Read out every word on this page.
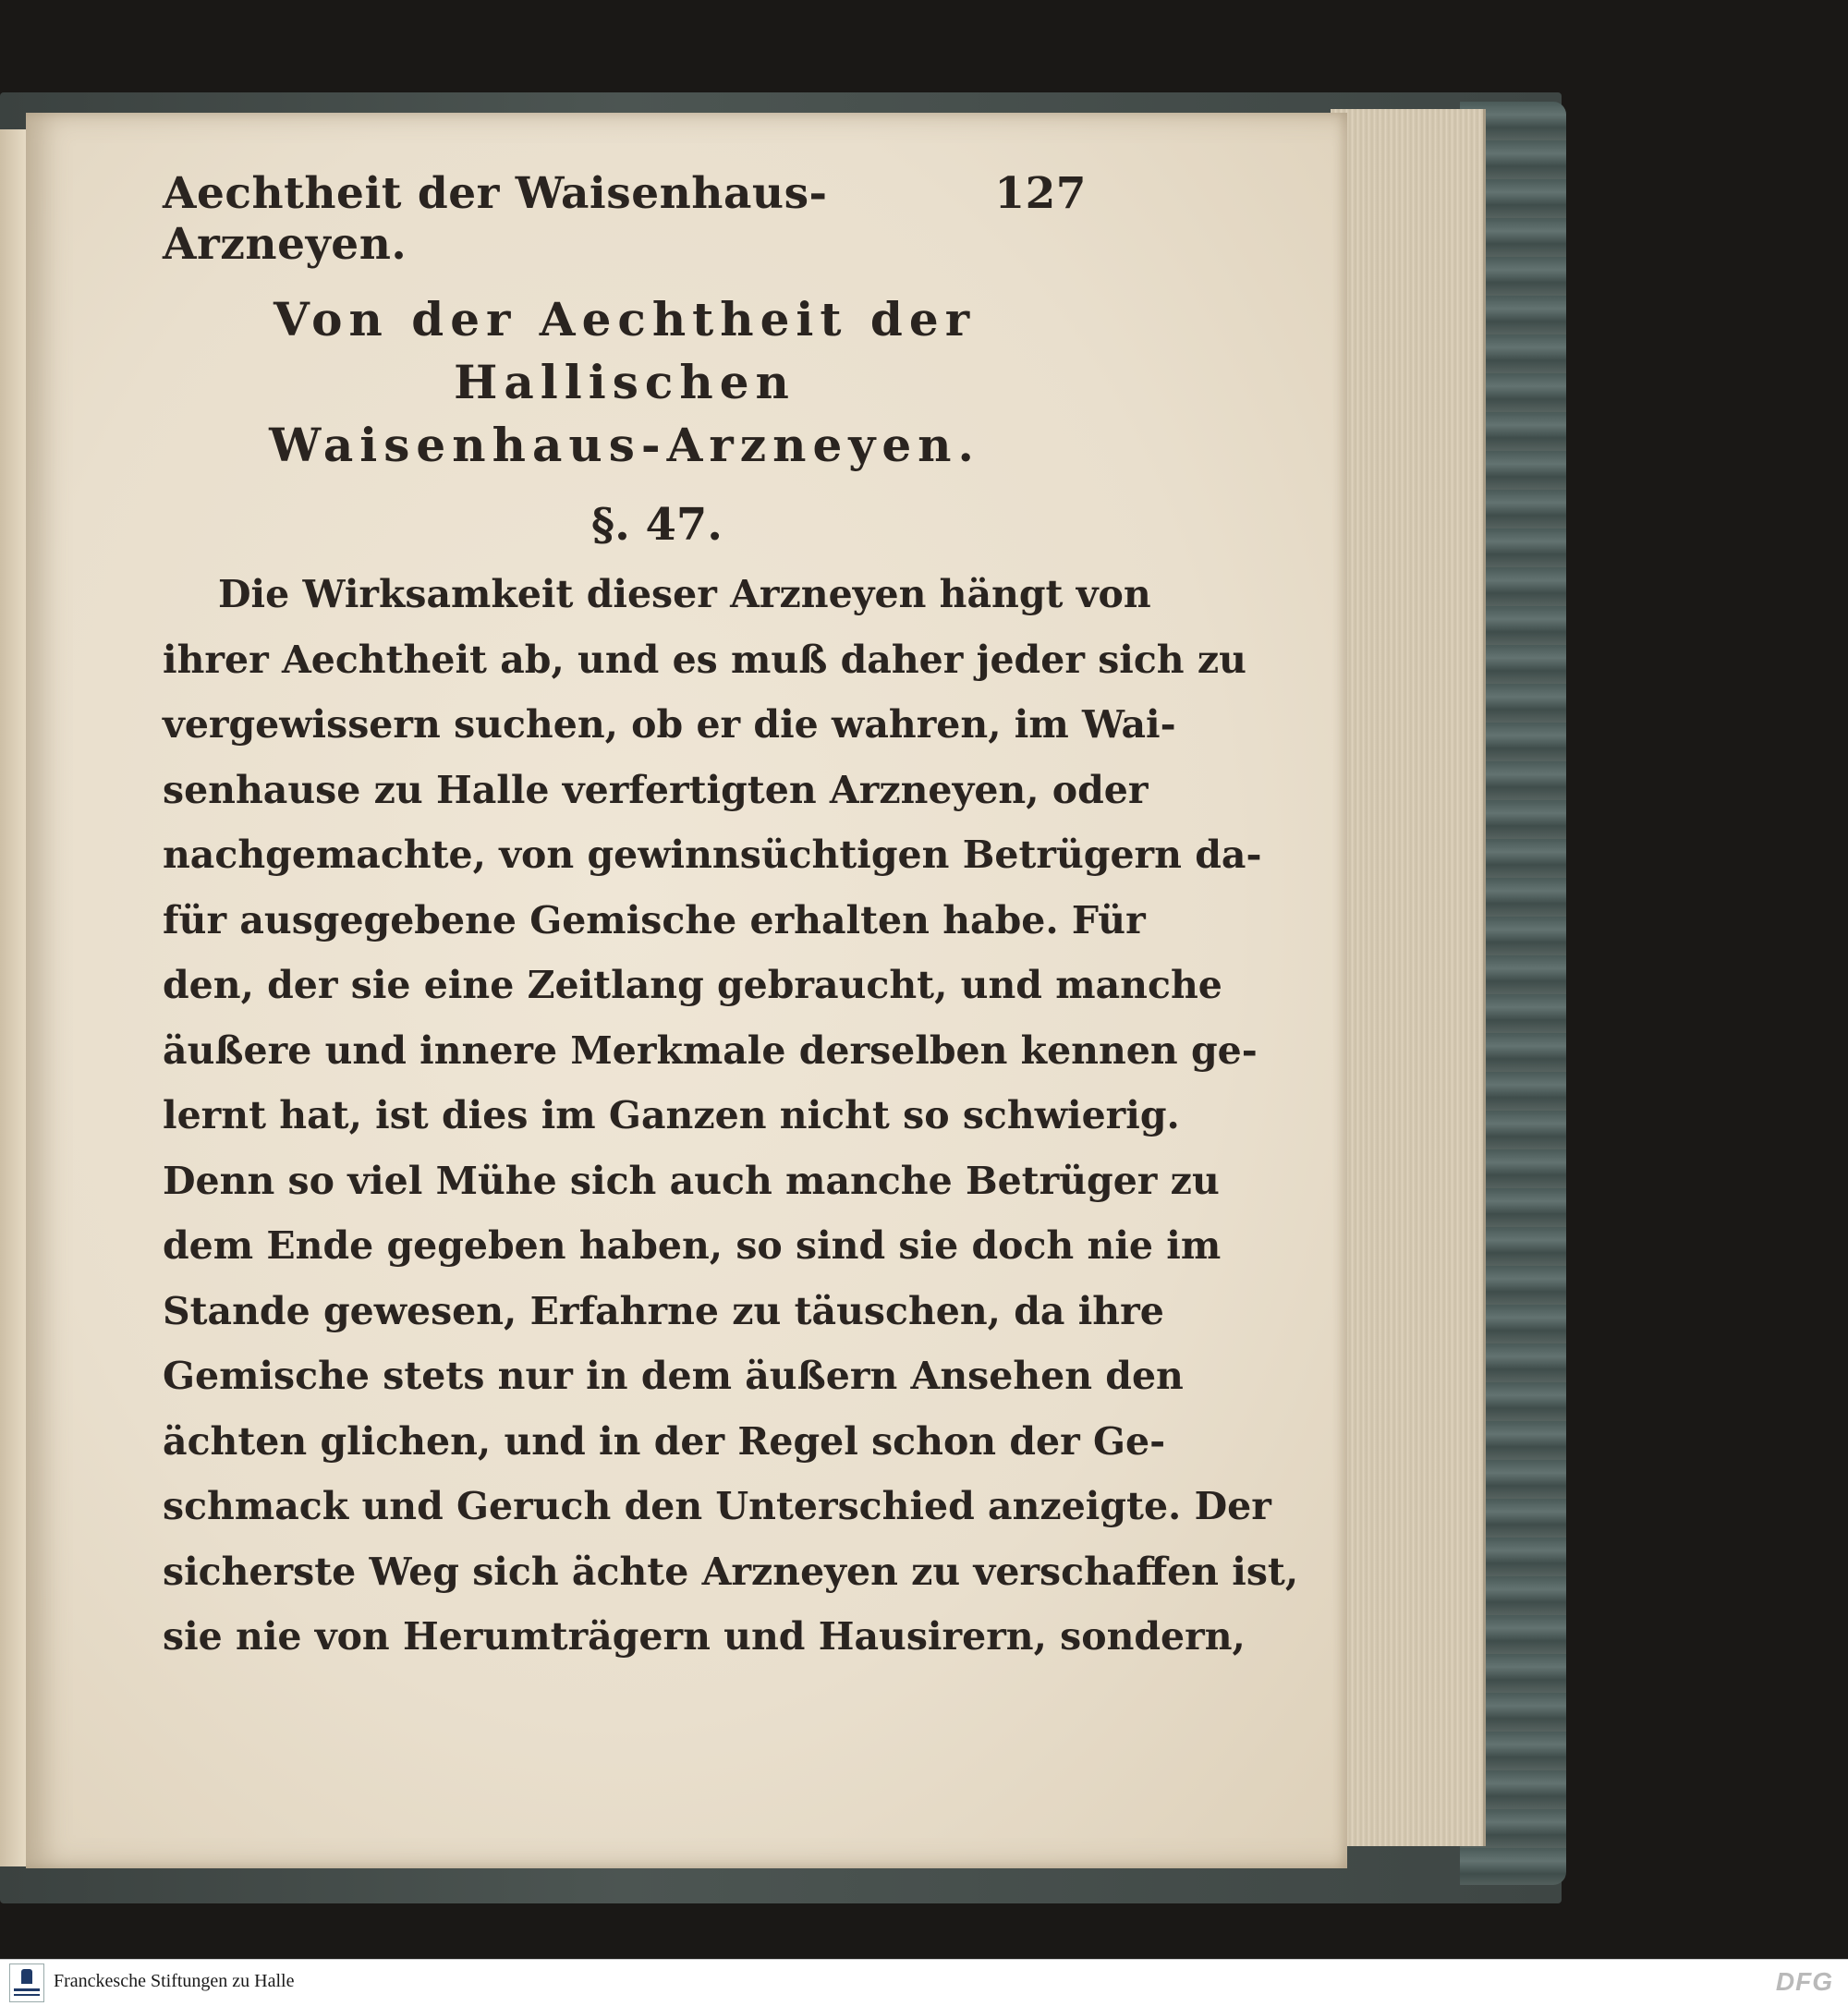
Aechtheit der Waisenhaus-Arzneyen.
127
Von der Aechtheit der Hallischen
Waisenhaus-Arzneyen.
§. 47.
Die Wirksamkeit dieser Arzneyen hängt von
ihrer Aechtheit ab, und es muß daher jeder sich zu
vergewissern suchen, ob er die wahren, im Wai-
senhause zu Halle verfertigten Arzneyen, oder
nachgemachte, von gewinnsüchtigen Betrügern da-
für ausgegebene Gemische erhalten habe. Für
den, der sie eine Zeitlang gebraucht, und manche
äußere und innere Merkmale derselben kennen ge-
lernt hat, ist dies im Ganzen nicht so schwierig.
Denn so viel Mühe sich auch manche Betrüger zu
dem Ende gegeben haben, so sind sie doch nie im
Stande gewesen, Erfahrne zu täuschen, da ihre
Gemische stets nur in dem äußern Ansehen den
ächten glichen, und in der Regel schon der Ge-
schmack und Geruch den Unterschied anzeigte. Der
sicherste Weg sich ächte Arzneyen zu verschaffen ist,
sie nie von Herumträgern und Hausirern, sondern,
Franckesche Stiftungen zu Halle	DFG
